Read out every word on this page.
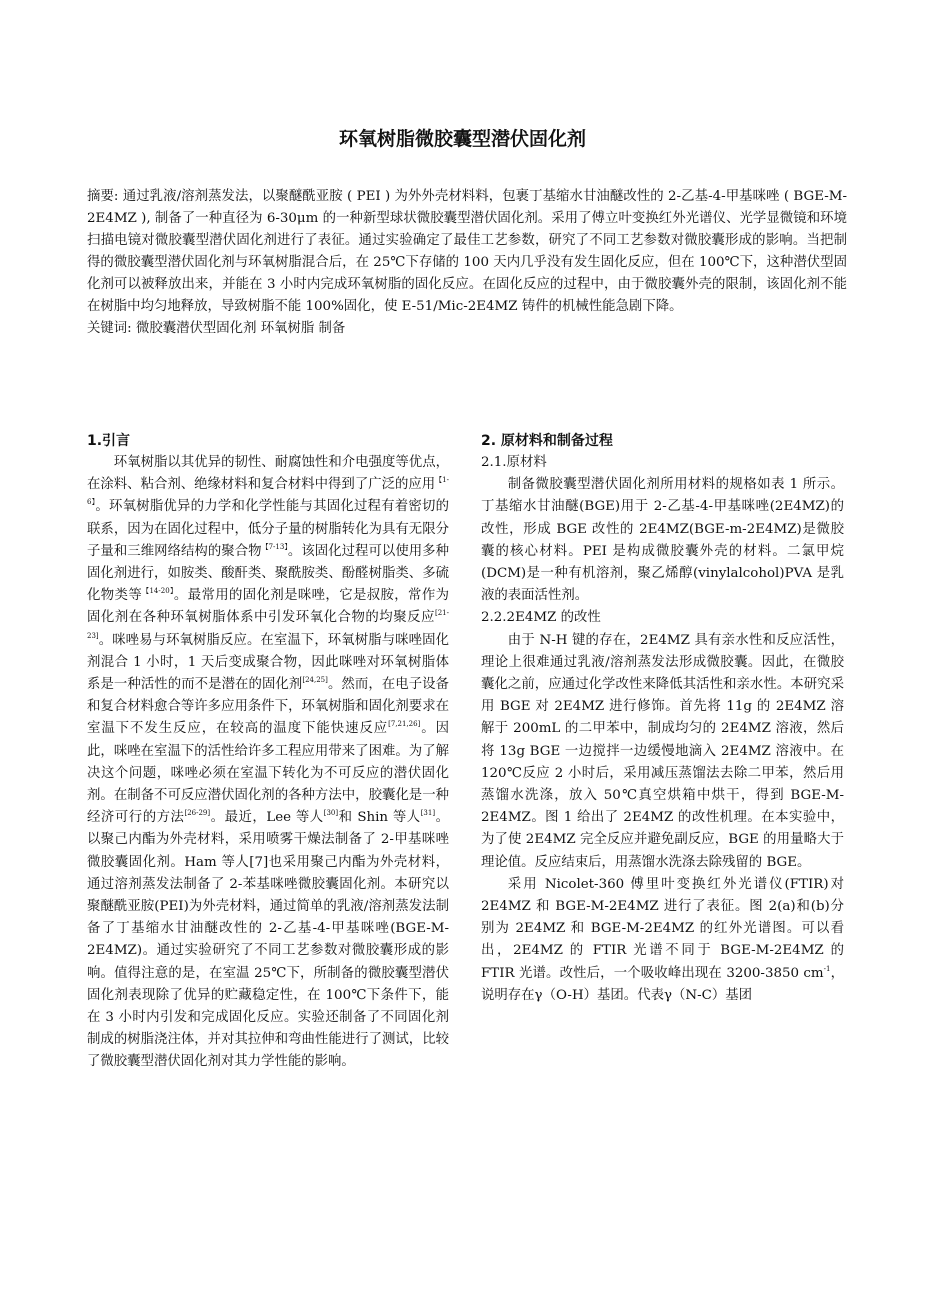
环氧树脂微胶囊型潜伏固化剂

摘要: 通过乳液/溶剂蒸发法，以聚醚酰亚胺 ( PEI ) 为外外壳材料料，包裹丁基缩水甘油醚改性的 2-乙基-4-甲基咪唑 ( BGE-M-2E4MZ ), 制备了一种直径为 6-30μm 的一种新型球状微胶囊型潜伏固化剂。采用了傅立叶变换红外光谱仪、光学显微镜和环境扫描电镜对微胶囊型潜伏固化剂进行了表征。通过实验确定了最佳工艺参数，研究了不同工艺参数对微胶囊形成的影响。当把制得的微胶囊型潜伏固化剂与环氧树脂混合后，在 25℃下存储的 100 天内几乎没有发生固化反应，但在 100℃下，这种潜伏型固化剂可以被释放出来，并能在 3 小时内完成环氧树脂的固化反应。在固化反应的过程中，由于微胶囊外壳的限制，该固化剂不能在树脂中均匀地释放，导致树脂不能 100%固化，使 E-51/Mic-2E4MZ 铸件的机械性能急剧下降。

关键词: 微胶囊潜伏型固化剂 环氧树脂 制备

1.引言

环氧树脂以其优异的韧性、耐腐蚀性和介电强度等优点，在涂料、粘合剂、绝缘材料和复合材料中得到了广泛的应用$^{【1-6】}$。环氧树脂优异的力学和化学性能与其固化过程有着密切的联系，因为在固化过程中，低分子量的树脂转化为具有无限分子量和三维网络结构的聚合物$^{【7-13】}$。该固化过程可以使用多种固化剂进行，如胺类、酸酐类、聚酰胺类、酚醛树脂类、多硫化物类等$^{【14-20】}$。最常用的固化剂是咪唑，它是叔胺，常作为固化剂在各种环氧树脂体系中引发环氧化合物的均聚反应[21-23]。咪唑易与环氧树脂反应。在室温下，环氧树脂与咪唑固化剂混合 1 小时，1 天后变成聚合物，因此咪唑对环氧树脂体系是一种活性的而不是潜在的固化剂[24,25]。然而，在电子设备和复合材料愈合等许多应用条件下，环氧树脂和固化剂要求在室温下不发生反应，在较高的温度下能快速反应[7,21,26]。因此，咪唑在室温下的活性给许多工程应用带来了困难。为了解决这个问题，咪唑必须在室温下转化为不可反应的潜伏固化剂。在制备不可反应潜伏固化剂的各种方法中，胶囊化是一种经济可行的方法[26-29]。最近，Lee 等人[30]和 Shin 等人[31]。以聚己内酯为外壳材料，采用喷雾干燥法制备了 2-甲基咪唑微胶囊固化剂。Ham 等人[7]也采用聚己内酯为外壳材料，通过溶剂蒸发法制备了 2-苯基咪唑微胶囊固化剂。本研究以聚醚酰亚胺(PEI)为外壳材料，通过简单的乳液/溶剂蒸发法制备了丁基缩水甘油醚改性的 2-乙基-4-甲基咪唑(BGE-M-2E4MZ)。通过实验研究了不同工艺参数对微胶囊形成的影响。值得注意的是，在室温 25℃下，所制备的微胶囊型潜伏固化剂表现除了优异的贮藏稳定性，在 100℃下条件下，能在 3 小时内引发和完成固化反应。实验还制备了不同固化剂制成的树脂浇注体，并对其拉伸和弯曲性能进行了测试，比较了微胶囊型潜伏固化剂对其力学性能的影响。

2. 原材料和制备过程
2.1.原材料

制备微胶囊型潜伏固化剂所用材料的规格如表 1 所示。丁基缩水甘油醚(BGE)用于 2-乙基-4-甲基咪唑(2E4MZ)的改性，形成 BGE 改性的 2E4MZ(BGE-m-2E4MZ)是微胶囊的核心材料。PEI 是构成微胶囊外壳的材料。二氯甲烷(DCM)是一种有机溶剂，聚乙烯醇(vinylalcohol)PVA 是乳液的表面活性剂。

2.2.2E4MZ 的改性

由于 N-H 键的存在，2E4MZ 具有亲水性和反应活性，理论上很难通过乳液/溶剂蒸发法形成微胶囊。因此，在微胶囊化之前，应通过化学改性来降低其活性和亲水性。本研究采用 BGE 对 2E4MZ 进行修饰。首先将 11g 的 2E4MZ 溶解于 200mL 的二甲苯中，制成均匀的 2E4MZ 溶液，然后将 13g BGE 一边搅拌一边缓慢地滴入 2E4MZ 溶液中。在 120℃反应 2 小时后，采用减压蒸馏法去除二甲苯，然后用蒸馏水洗涤，放入 50℃真空烘箱中烘干，得到 BGE-M-2E4MZ。图 1 给出了 2E4MZ 的改性机理。在本实验中，为了使 2E4MZ 完全反应并避免副反应，BGE 的用量略大于理论值。反应结束后，用蒸馏水洗涤去除残留的 BGE。

采用 Nicolet-360 傅里叶变换红外光谱仪(FTIR)对 2E4MZ 和 BGE-M-2E4MZ 进行了表征。图 2(a)和(b)分别为 2E4MZ 和 BGE-M-2E4MZ 的红外光谱图。可以看出，2E4MZ 的 FTIR 光谱不同于 BGE-M-2E4MZ 的 FTIR 光谱。改性后，一个吸收峰出现在 3200-3850 $cm^{-1}$，说明存在γ（O-H）基团。代表γ（N-C）基团
